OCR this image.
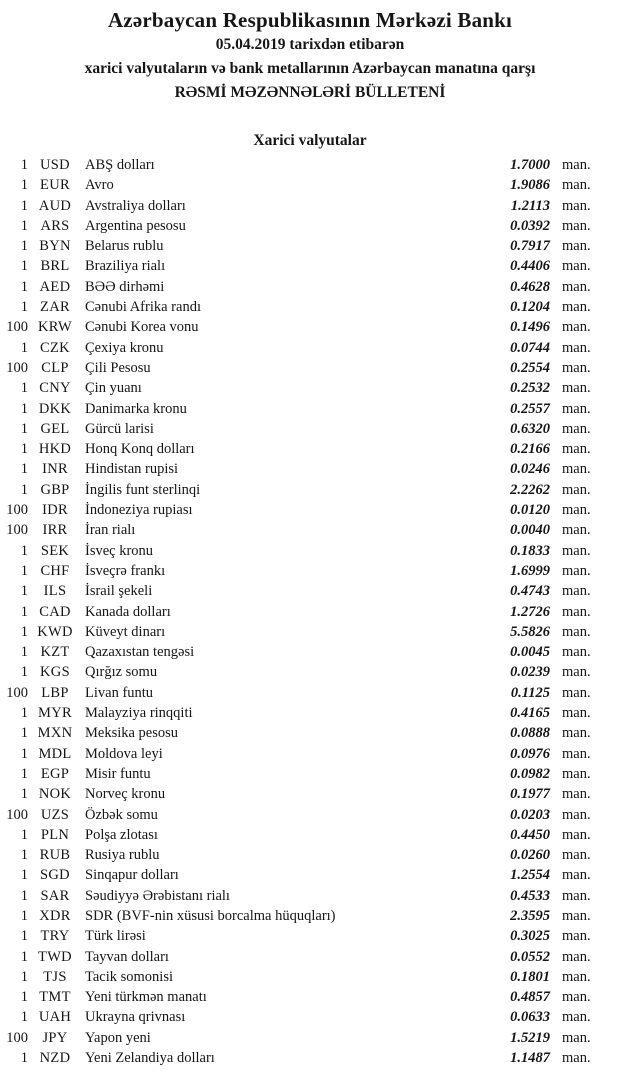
Azərbaycan Respublikasının Mərkəzi Bankı
05.04.2019 tarixdən etibarən
xarici valyutaların və bank metallarının Azərbaycan manatına qarşı
RƏSMİ MƏZƏNNƏLƏRİ BÜLLETENİ
Xarici valyutalar
1 USD ABŞ dolları	1.7000 man.
1 EUR Avro	1.9086 man.
1 AUD Avstraliya dolları	1.2113 man.
1 ARS	Argentina pesosu	0.0392 man.
1 BYN Belarus rublu	0.7917 man.
1 BRL	Braziliya rialı	0.4406 man.
1 AED BƏƏ dirhəmi	0.4628 man.
1 ZAR Cənubi Afrika randı	0.1204 man.
100 KRW Cənubi Korea vonu	0.1496 man.
1 CZK Çexiya kronu	0.0744 man.
100 CLP	Çili Pesosu	0.2554 man.
1 CNY Çin yuanı	0.2532 man.
1 DKK Danimarka kronu	0.2557 man.
1 GEL	Gürcü larisi	0.6320 man.
1 HKD Honq Konq dolları	0.2166 man.
1 INR	Hindistan rupisi	0.0246 man.
1 GBP	İngilis funt sterlinqi	2.2262 man.
100 IDR	İndoneziya rupiası	0.0120 man.
100 IRR	İran rialı	0.0040 man.
1 SEK	İsveç kronu	0.1833 man.
1 CHF	İsveçrə frankı	1.6999 man.
1	ILS	İsrail şekeli	0.4743 man.
1 CAD Kanada dolları	1.2726 man.
1 KWD Küveyt dinarı	5.5826 man.
1 KZT	Qazaxıstan tengəsi	0.0045 man.
1 KGS Qırğız somu	0.0239 man.
100 LBP	Livan funtu	0.1125 man.
1 MYR Malayziya rinqqiti	0.4165 man.
1 MXN Meksika pesosu	0.0888 man.
1 MDL Moldova leyi	0.0976 man.
1 EGP	Misir funtu	0.0982 man.
1 NOK Norveç kronu	0.1977 man.
100 UZS	Özbək somu	0.0203 man.
1 PLN	Polşa zlotası	0.4450 man.
1 RUB Rusiya rublu	0.0260 man.
1 SGD Sinqapur dolları	1.2554 man.
1 SAR	Səudiyyə Ərəbistanı rialı	0.4533 man.
1 XDR SDR (BVF-nin xüsusi borcalma hüquqları)	2.3595 man.
1 TRY	Türk lirəsi	0.3025 man.
1 TWD Tayvan dolları	0.0552 man.
1	TJS	Tacik somonisi	0.1801 man.
1 TMT Yeni türkmən manatı	0.4857 man.
1 UAH Ukrayna qrivnası	0.0633 man.
100 JPY	Yapon yeni	1.5219 man.
1 NZD Yeni Zelandiya dolları	1.1487 man.
